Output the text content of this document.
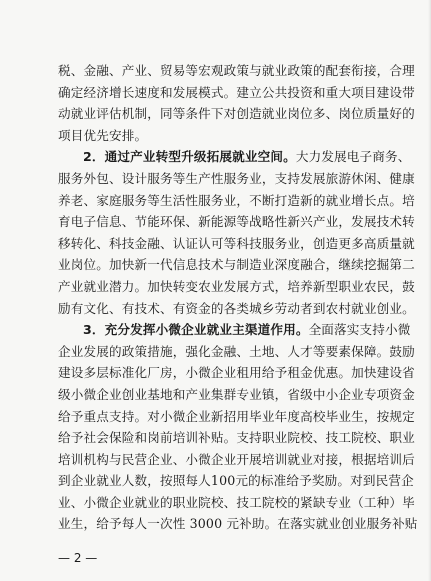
税、金融、产业、贸易等宏观政策与就业政策的配套衔接，合理
确定经济增长速度和发展模式。建立公共投资和重大项目建设带
动就业评估机制，同等条件下对创造就业岗位多、岗位质量好的
项目优先安排。
2．通过产业转型升级拓展就业空间。大力发展电子商务、
服务外包、设计服务等生产性服务业，支持发展旅游休闲、健康
养老、家庭服务等生活性服务业，不断打造新的就业增长点。培
育电子信息、节能环保、新能源等战略性新兴产业，发展技术转
移转化、科技金融、认证认可等科技服务业，创造更多高质量就
业岗位。加快新一代信息技术与制造业深度融合，继续挖掘第二
产业就业潜力。加快转变农业发展方式，培养新型职业农民，鼓
励有文化、有技术、有资金的各类城乡劳动者到农村就业创业。
3．充分发挥小微企业就业主渠道作用。全面落实支持小微
企业发展的政策措施，强化金融、土地、人才等要素保障。鼓励
建设多层标准化厂房，小微企业租用给予租金优惠。加快建设省
级小微企业创业基地和产业集群专业镇，省级中小企业专项资金
给予重点支持。对小微企业新招用毕业年度高校毕业生，按规定
给予社会保险和岗前培训补贴。支持职业院校、技工院校、职业
培训机构与民营企业、小微企业开展培训就业对接，根据培训后
到企业就业人数，按照每人100元的标准给予奖励。对到民营企
业、小微企业就业的职业院校、技工院校的紧缺专业（工种）毕
业生，给予每人一次性 3000 元补助。在落实就业创业服务补贴
— 2 —
